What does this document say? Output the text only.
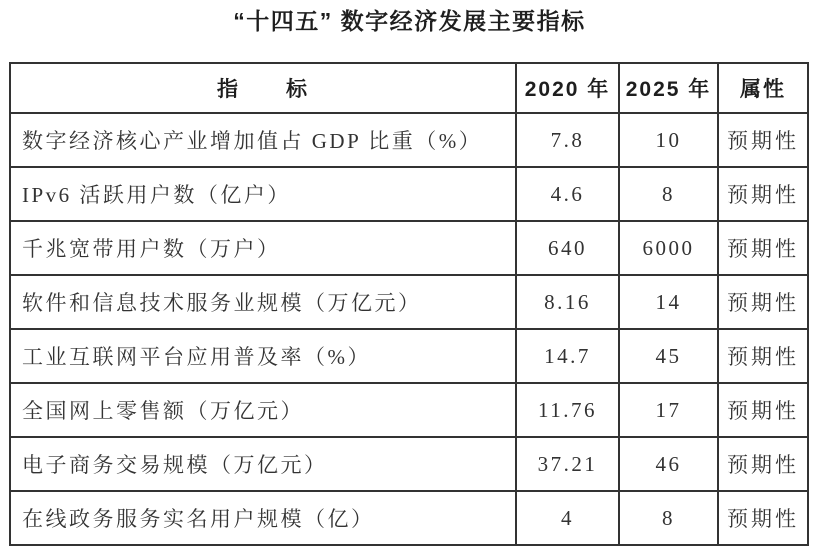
“十四五” 数字经济发展主要指标
指　　标	2020 年	2025 年	属性
数字经济核心产业增加值占 GDP 比重（%）	7.8	10	预期性
IPv6 活跃用户数（亿户）	4.6	8	预期性
千兆宽带用户数（万户）	640	6000	预期性
软件和信息技术服务业规模（万亿元）	8.16	14	预期性
工业互联网平台应用普及率（%）	14.7	45	预期性
全国网上零售额（万亿元）	11.76	17	预期性
电子商务交易规模（万亿元）	37.21	46	预期性
在线政务服务实名用户规模（亿）	4	8	预期性
